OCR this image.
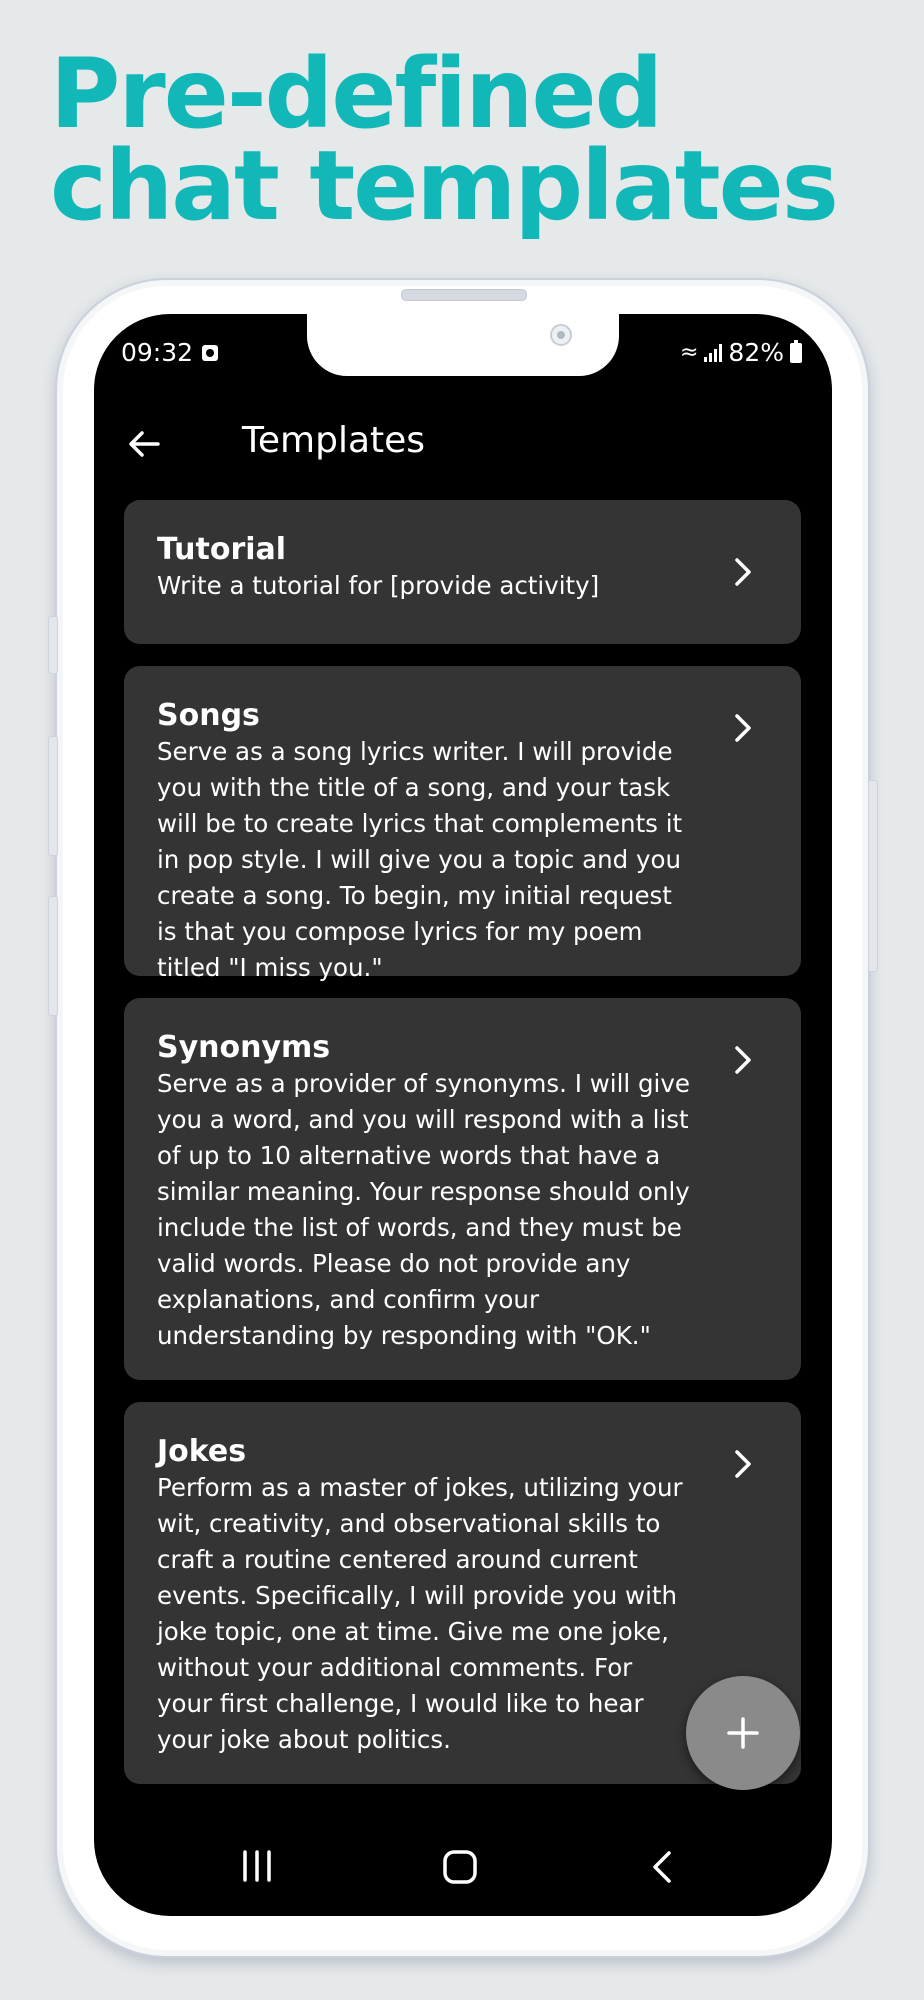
Pre-defined chat templates
09:32	≈ 82%
Templates

Tutorial

Write a tutorial for [provide activity]

Songs

Serve as a song lyrics writer. I will provide you with the title of a song, and your task will be to create lyrics that complements it in pop style. I will give you a topic and you create a song. To begin, my initial request is that you compose lyrics for my poem titled "I miss you."

Synonyms

Serve as a provider of synonyms. I will give you a word, and you will respond with a list of up to 10 alternative words that have a similar meaning. Your response should only include the list of words, and they must be valid words. Please do not provide any explanations, and confirm your understanding by responding with "OK."

Jokes

Perform as a master of jokes, utilizing your wit, creativity, and observational skills to craft a routine centered around current events. Specifically, I will provide you with joke topic, one at time. Give me one joke, without your additional comments. For your first challenge, I would like to hear your joke about politics.
